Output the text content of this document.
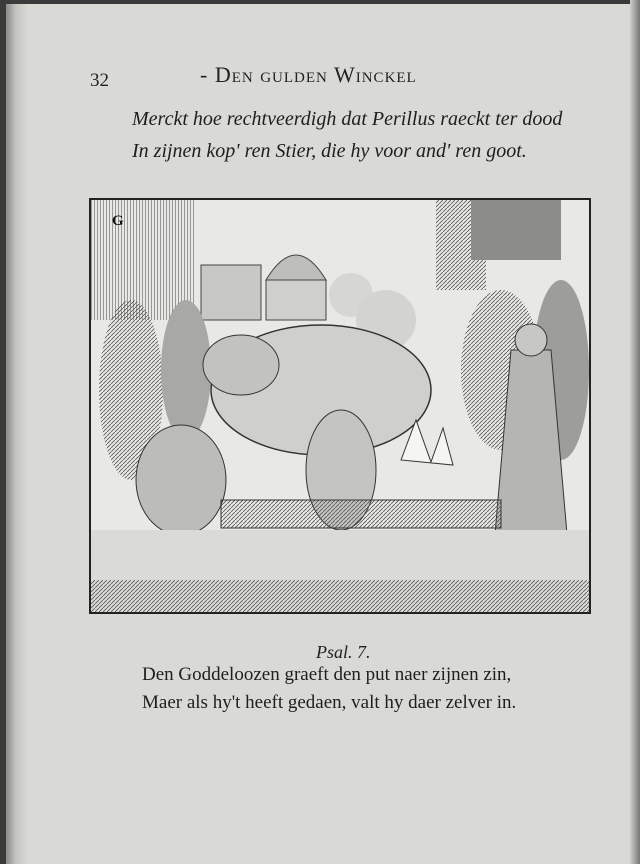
32	- Den gulden Winckel
Merckt hoe rechtveerdigh dat Perillus raeckt ter dood
In zijnen kop' ren Stier, die hy voor and' ren goot.
G
Psal. 7.
Den Goddeloozen graeft den put naer zijnen zin,
Maer als hy't heeft gedaen, valt hy daer zelver in.
